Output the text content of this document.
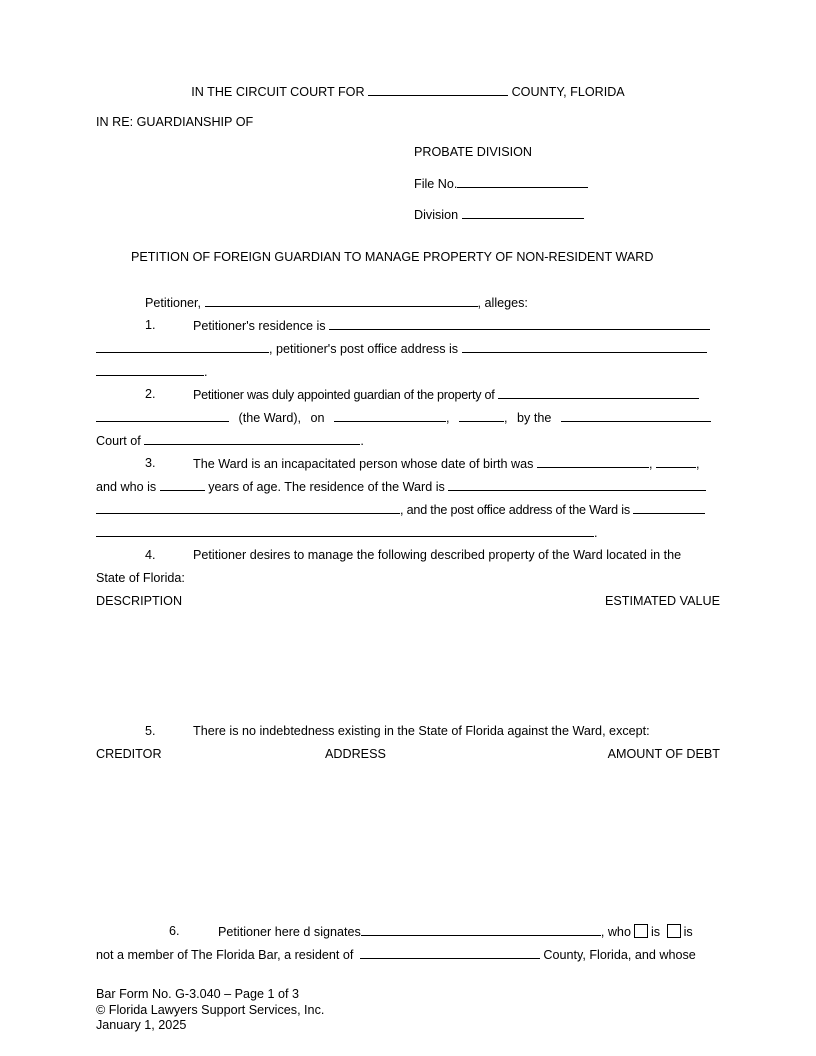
IN THE CIRCUIT COURT FOR	COUNTY, FLORIDA
IN RE: GUARDIANSHIP OF
PROBATE DIVISION
File No.
Division
PETITION OF FOREIGN GUARDIAN TO MANAGE PROPERTY OF NON-RESIDENT WARD
Petitioner,	, alleges:
1.	Petitioner's residence is
, petitioner's post office address is
.
2.	Petitioner was duly appointed guardian of the property of
(the Ward), on	,	, by the
Court of	.
3.	The Ward is an incapacitated person whose date of birth was	,	,
and who is	years of age. The residence of the Ward is
, and the post office address of the Ward is
.
4.	Petitioner desires to manage the following described property of the Ward located in the
State of Florida:
DESCRIPTION	ESTIMATED VALUE
5.	There is no indebtedness existing in the State of Florida against the Ward, except:
CREDITOR	ADDRESS	AMOUNT OF DEBT
6.	Petitioner here d signates	, who is is
not a member of The Florida Bar, a resident of	County, Florida, and whose
Bar Form No. G-3.040 – Page 1 of 3
© Florida Lawyers Support Services, Inc.
January 1, 2025
